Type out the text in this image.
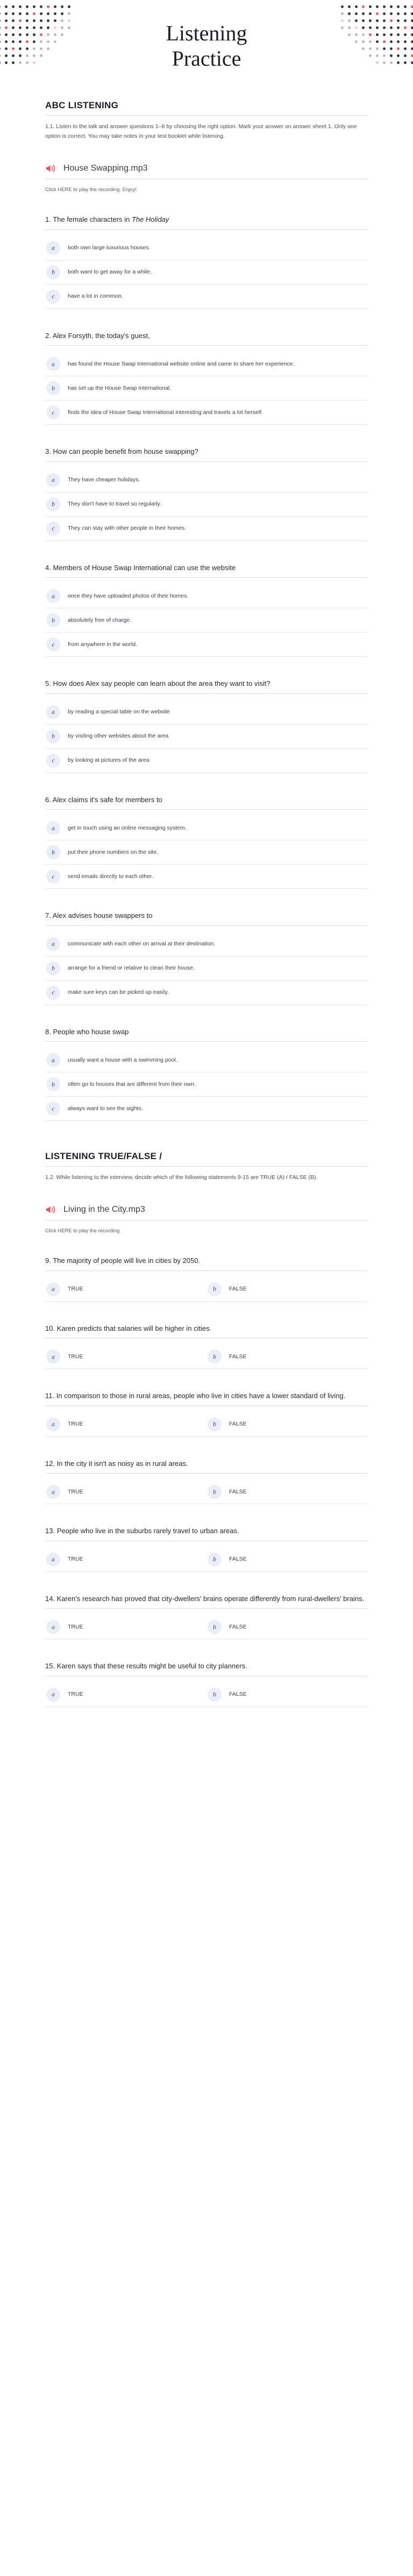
Listening
Practice
ABC LISTENING

1.1. Listen to the talk and answer questions 1–8 by choosing the right option. Mark your answer on answer sheet 1. Only one option is correct. You may take notes in your test booklet while listening.

House Swapping.mp3

Click HERE to play the recording. Enjoy!

1. The female characters in The Holiday

a	both own large luxurious houses.
b	both want to get away for a while.
c	have a lot in common.

2. Alex Forsyth, the today's guest,

a	has found the House Swap International website online and came to share her experience.
b	has set up the House Swap International.
c	finds the idea of House Swap International interesting and travels a lot herself.

3. How can people benefit from house swapping?

a	They have cheaper holidays.
b	They don't have to travel so regularly.
c	They can stay with other people in their homes.

4. Members of House Swap International can use the website

a	once they have uploaded photos of their homes.
b	absolutely free of charge.
c	from anywhere in the world.

5. How does Alex say people can learn about the area they want to visit?

a	by reading a special table on the website
b	by visiting other websites about the area
c	by looking at pictures of the area

6. Alex claims it's safe for members to

a	get in touch using an online messaging system.
b	put their phone numbers on the site.
c	send emails directly to each other.

7. Alex advises house swappers to

a	communicate with each other on arrival at their destination.
b	arrange for a friend or relative to clean their house.
c	make sure keys can be picked up easily.

8. People who house swap

a	usually want a house with a swimming pool.
b	often go to houses that are different from their own.
c	always want to see the sights.
LISTENING TRUE/FALSE /

1.2. While listening to the interview, decide which of the following statements 9-15 are TRUE (A) / FALSE (B).

Living in the City.mp3

Click HERE to play the recording.

9. The majority of people will live in cities by 2050.

a	TRUE	b	FALSE

10. Karen predicts that salaries will be higher in cities.

a	TRUE	b	FALSE

11. In comparison to those in rural areas, people who live in cities have a lower standard of living.

a	TRUE	b	FALSE

12. In the city it isn't as noisy as in rural areas.

a	TRUE	b	FALSE

13. People who live in the suburbs rarely travel to urban areas.

a	TRUE	b	FALSE

14. Karen's research has proved that city-dwellers' brains operate differently from rural-dwellers' brains.

a	TRUE	b	FALSE

15. Karen says that these results might be useful to city planners.

a	TRUE	b	FALSE
